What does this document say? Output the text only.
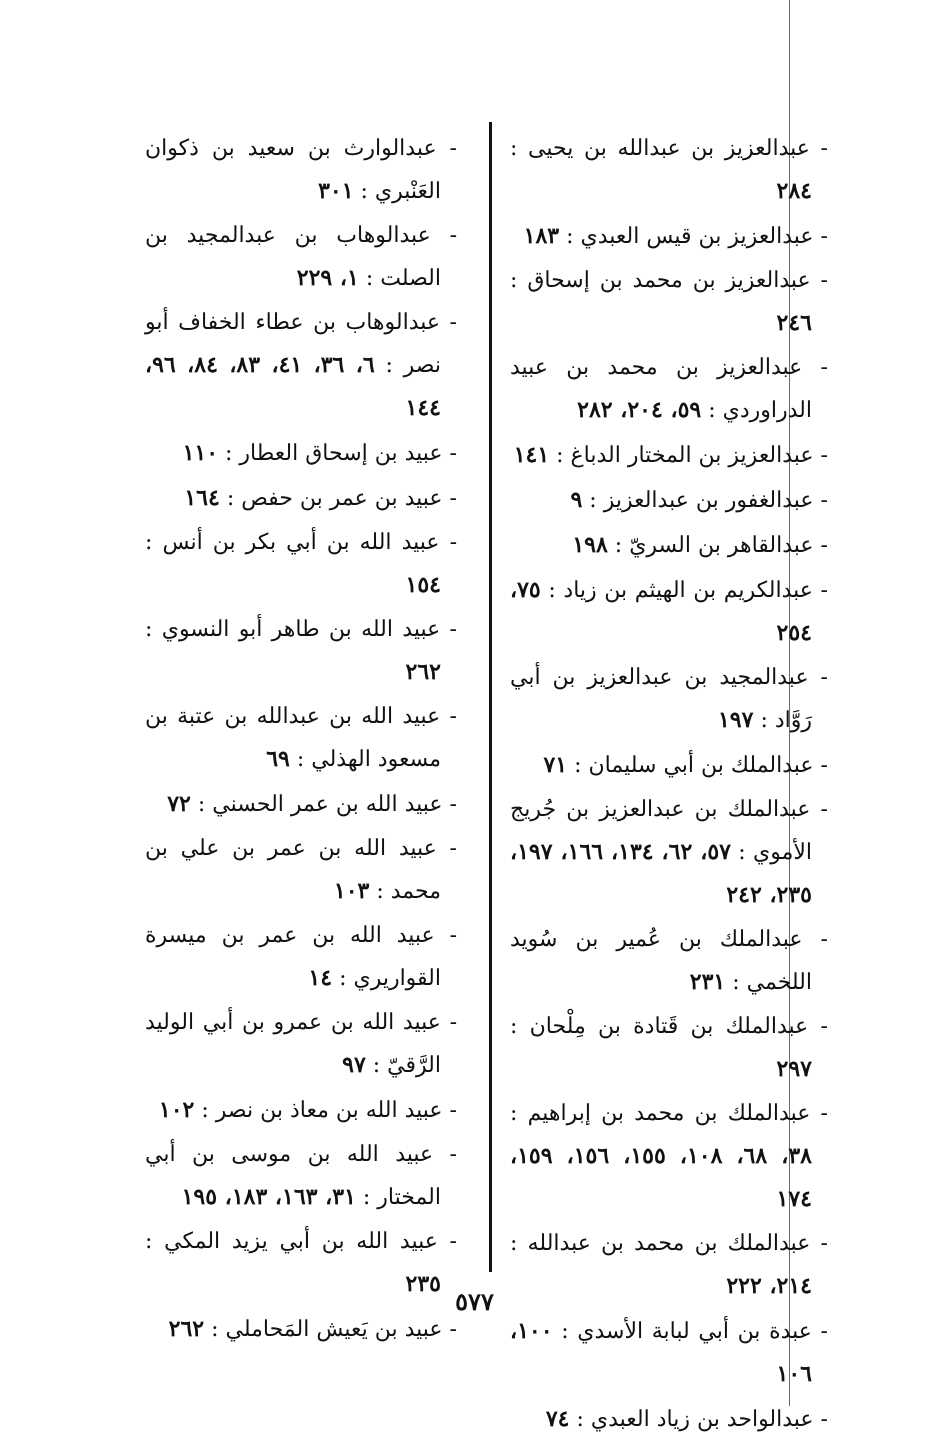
- عبدالعزيز بن عبدالله بن يحيى : ٢٨٤
- عبدالعزيز بن قيس العبدي : ١٨٣
- عبدالعزيز بن محمد بن إسحاق : ٢٤٦
- عبدالعزيز بن محمد بن عبيد الدراوردي : ٥٩، ٢٠٤، ٢٨٢
- عبدالعزيز بن المختار الدباغ : ١٤١
- عبدالغفور بن عبدالعزيز : ٩
- عبدالقاهر بن السريّ : ١٩٨
- عبدالكريم بن الهيثم بن زياد : ٧٥، ٢٥٤
- عبدالمجيد بن عبدالعزيز بن أبي رَوَّاد : ١٩٧
- عبدالملك بن أبي سليمان : ٧١
- عبدالملك بن عبدالعزيز بن جُريج الأموي : ٥٧، ٦٢، ١٣٤، ١٦٦، ١٩٧، ٢٣٥، ٢٤٢
- عبدالملك بن عُمير بن سُويد اللخمي : ٢٣١
- عبدالملك بن قَتادة بن مِلْحان : ٢٩٧
- عبدالملك بن محمد بن إبراهيم : ٣٨، ٦٨، ١٠٨، ١٥٥، ١٥٦، ١٥٩، ١٧٤
- عبدالملك بن محمد بن عبدالله : ٢١٤، ٢٢٢
- عبدة بن أبي لبابة الأسدي : ١٠٠، ١٠٦
- عبدالواحد بن زياد العبدي : ٧٤
- عبدالوارث بن سعيد بن ذكوان العَنْبري : ٣٠١
- عبدالوهاب بن عبدالمجيد بن الصلت : ١، ٢٢٩
- عبدالوهاب بن عطاء الخفاف أبو نصر : ٦، ٣٦، ٤١، ٨٣، ٨٤، ٩٦، ١٤٤
- عبيد بن إسحاق العطار : ١١٠
- عبيد بن عمر بن حفص : ١٦٤
- عبيد الله بن أبي بكر بن أنس : ١٥٤
- عبيد الله بن طاهر أبو النسوي : ٢٦٢
- عبيد الله بن عبدالله بن عتبة بن مسعود الهذلي : ٦٩
- عبيد الله بن عمر الحسني : ٧٢
- عبيد الله بن عمر بن علي بن محمد : ١٠٣
- عبيد الله بن عمر بن ميسرة القواريري : ١٤
- عبيد الله بن عمرو بن أبي الوليد الرَّقيّ : ٩٧
- عبيد الله بن معاذ بن نصر : ١٠٢
- عبيد الله بن موسى بن أبي المختار : ٣١، ١٦٣، ١٨٣، ١٩٥
- عبيد الله بن أبي يزيد المكي : ٢٣٥
- عبيد بن يَعيش المَحاملي : ٢٦٢
٥٧٧
